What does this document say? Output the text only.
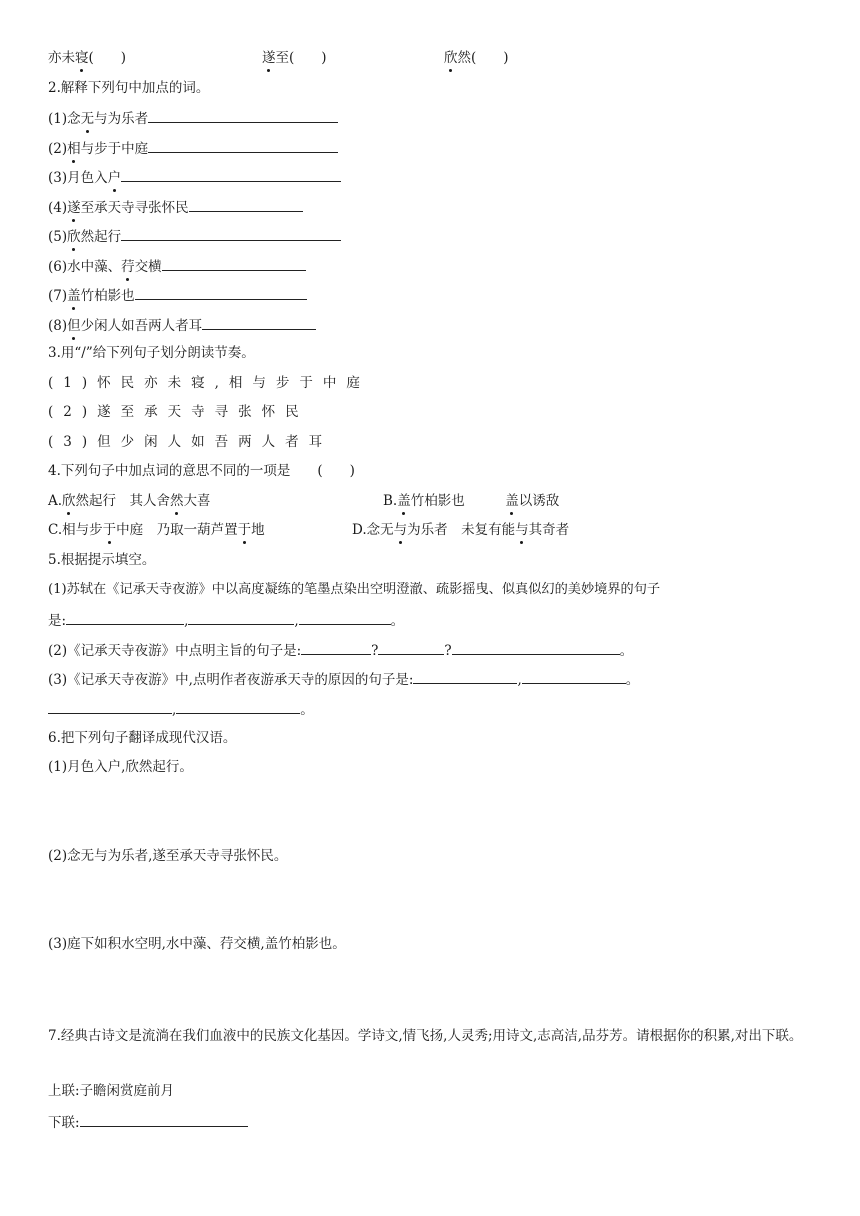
亦未寝(　　)	遂至(　　)	欣然(　　)
2.解释下列句中加点的词。
(1)念无与为乐者
(2)相与步于中庭
(3)月色入户
(4)遂至承天寺寻张怀民
(5)欣然起行
(6)水中藻、荇交横
(7)盖竹柏影也
(8)但少闲人如吾两人者耳
3.用“/”给下列句子划分朗读节奏。
(1)怀民亦未寝,相与步于中庭
(2)遂至承天寺寻张怀民
(3)但少闲人如吾两人者耳
4.下列句子中加点词的意思不同的一项是　　(　　)
A.欣然起行　其人舍然大喜	B.盖竹柏影也　　　盖以诱敌
C.相与步于中庭　乃取一葫芦置于地	D.念无与为乐者　未复有能与其奇者
5.根据提示填空。
(1)苏轼在《记承天寺夜游》中以高度凝练的笔墨点染出空明澄澈、疏影摇曳、似真似幻的美妙境界的句子
是:	,	,	。
(2)《记承天寺夜游》中点明主旨的句子是:	?	?	。
(3)《记承天寺夜游》中,点明作者夜游承天寺的原因的句子是:	,	。
,	。
6.把下列句子翻译成现代汉语。
(1)月色入户,欣然起行。
(2)念无与为乐者,遂至承天寺寻张怀民。
(3)庭下如积水空明,水中藻、荇交横,盖竹柏影也。
7.经典古诗文是流淌在我们血液中的民族文化基因。学诗文,情飞扬,人灵秀;用诗文,志高洁,品芬芳。请根据你的积累,对出下联。
上联:子瞻闲赏庭前月
下联:
